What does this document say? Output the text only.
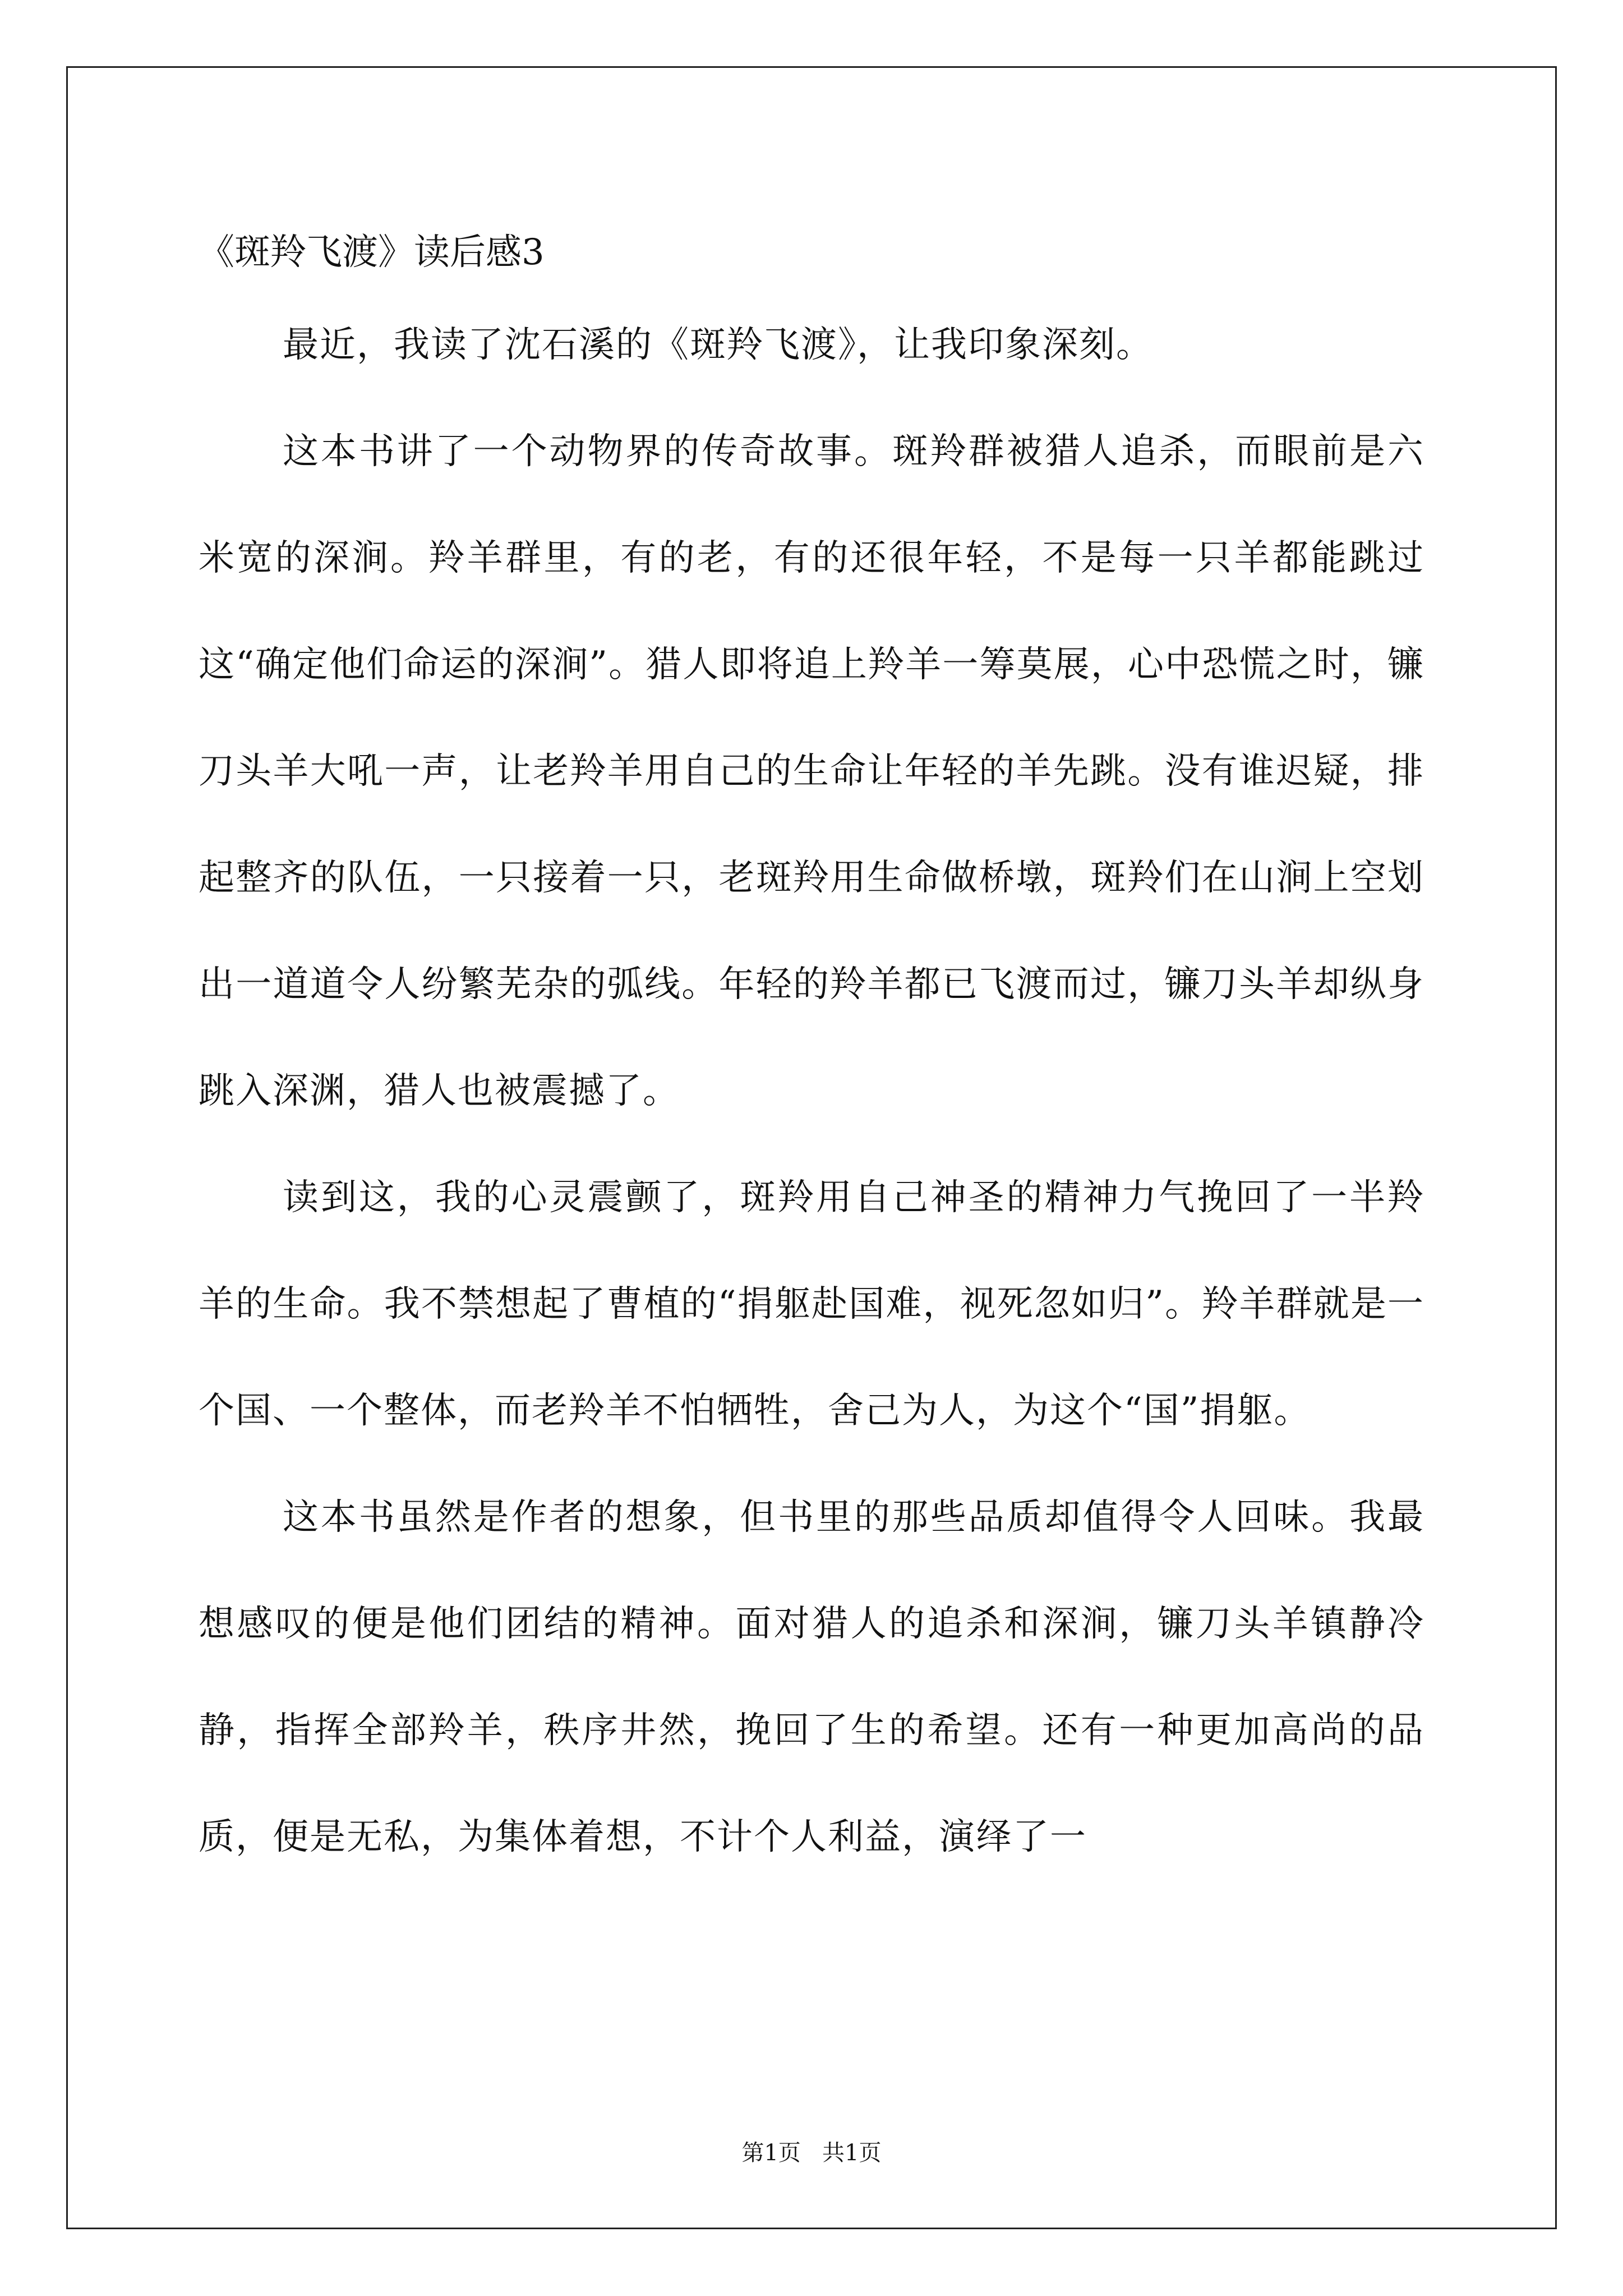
《斑羚飞渡》读后感3

最近，我读了沈石溪的《斑羚飞渡》，让我印象深刻。

这本书讲了一个动物界的传奇故事。斑羚群被猎人追杀，而眼前是六米宽的深涧。羚羊群里，有的老，有的还很年轻，不是每一只羊都能跳过这“确定他们命运的深涧”。猎人即将追上羚羊一筹莫展，心中恐慌之时，镰刀头羊大吼一声，让老羚羊用自己的生命让年轻的羊先跳。没有谁迟疑，排起整齐的队伍，一只接着一只，老斑羚用生命做桥墩，斑羚们在山涧上空划出一道道令人纷繁芜杂的弧线。年轻的羚羊都已飞渡而过，镰刀头羊却纵身跳入深渊，猎人也被震撼了。

读到这，我的心灵震颤了，斑羚用自己神圣的精神力气挽回了一半羚羊的生命。我不禁想起了曹植的“捐躯赴国难，视死忽如归”。羚羊群就是一个国、一个整体，而老羚羊不怕牺牲，舍己为人，为这个“国”捐躯。

这本书虽然是作者的想象，但书里的那些品质却值得令人回味。我最想感叹的便是他们团结的精神。面对猎人的追杀和深涧，镰刀头羊镇静冷静，指挥全部羚羊，秩序井然，挽回了生的希望。还有一种更加高尚的品质，便是无私，为集体着想，不计个人利益，演绎了一

第1页   共1页
